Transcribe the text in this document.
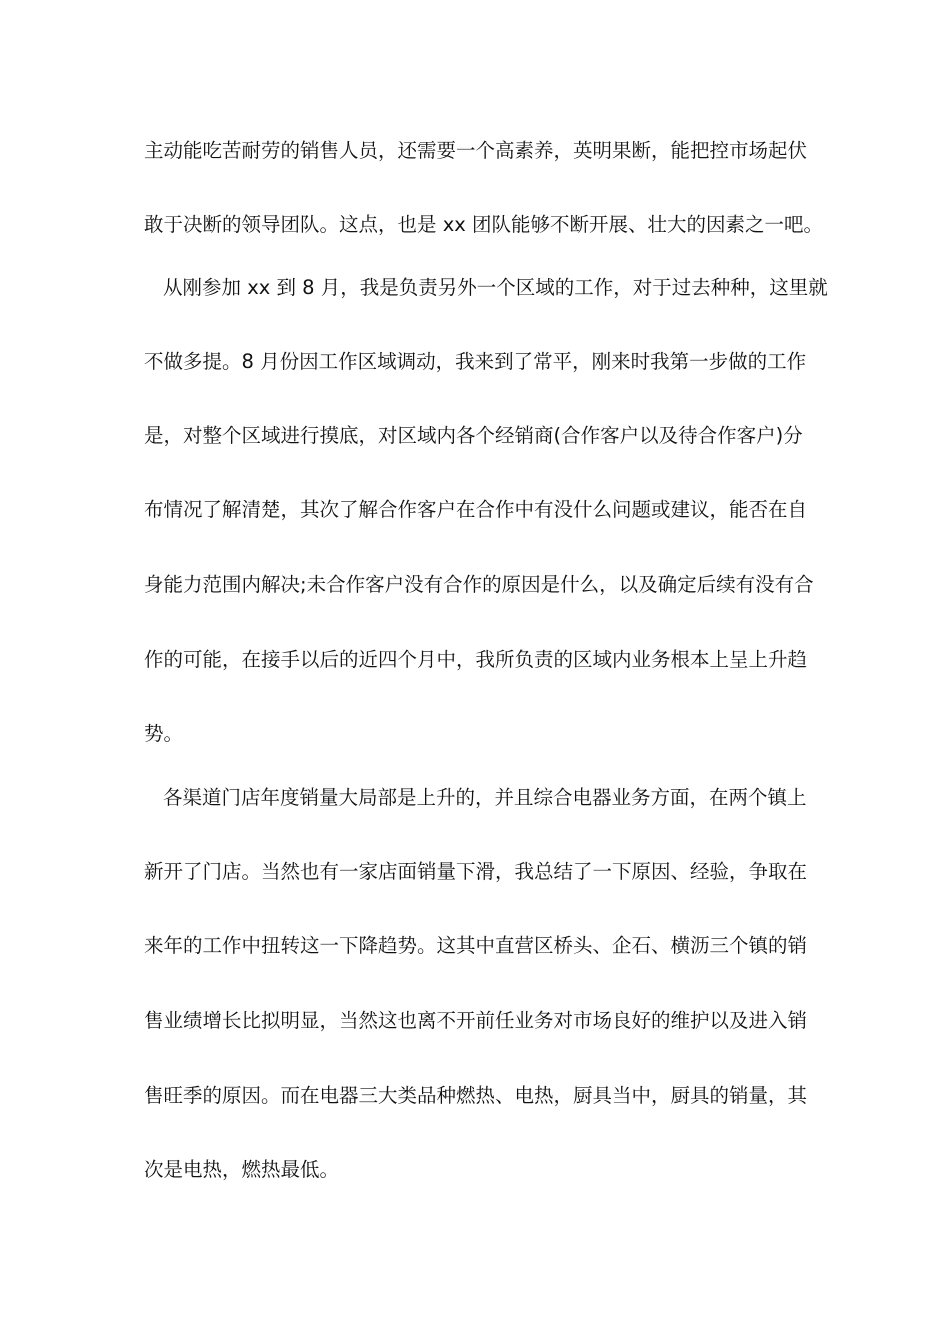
主动能吃苦耐劳的销售人员，还需要一个高素养，英明果断，能把控市场起伏

敢于决断的领导团队。这点，也是 xx 团队能够不断开展、壮大的因素之一吧。

从刚参加 xx 到 8 月，我是负责另外一个区域的工作，对于过去种种，这里就

不做多提。8 月份因工作区域调动，我来到了常平，刚来时我第一步做的工作

是，对整个区域进行摸底，对区域内各个经销商(合作客户以及待合作客户)分

布情况了解清楚，其次了解合作客户在合作中有没什么问题或建议，能否在自

身能力范围内解决;未合作客户没有合作的原因是什么，以及确定后续有没有合

作的可能，在接手以后的近四个月中，我所负责的区域内业务根本上呈上升趋

势。

各渠道门店年度销量大局部是上升的，并且综合电器业务方面，在两个镇上

新开了门店。当然也有一家店面销量下滑，我总结了一下原因、经验，争取在

来年的工作中扭转这一下降趋势。这其中直营区桥头、企石、横沥三个镇的销

售业绩增长比拟明显，当然这也离不开前任业务对市场良好的维护以及进入销

售旺季的原因。而在电器三大类品种燃热、电热，厨具当中，厨具的销量，其

次是电热，燃热最低。
